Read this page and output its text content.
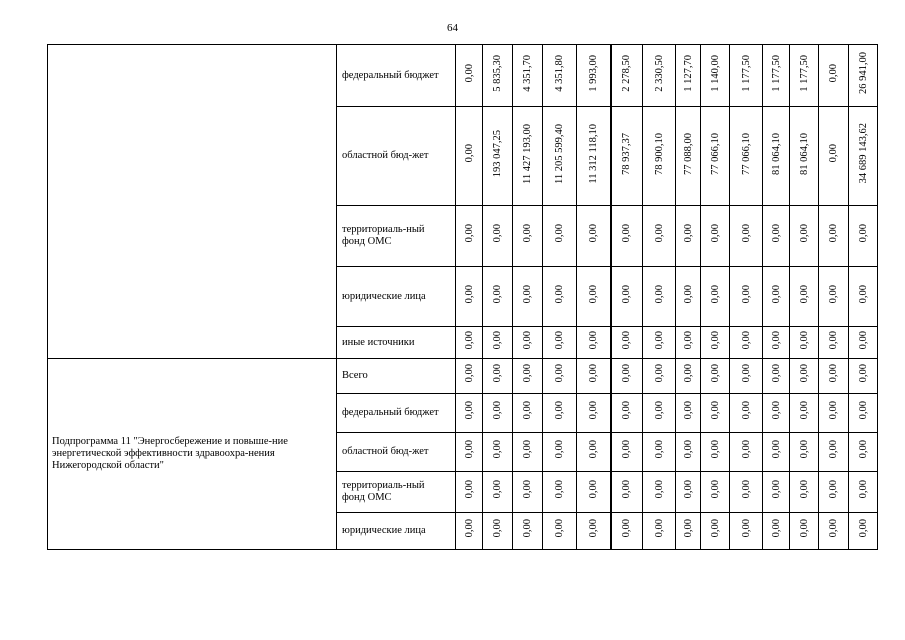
64
	федеральный бюджет	0,00	5 835,30	4 351,70	4 351,80	1 993,00	2 278,50	2 330,50	1 127,70	1 140,00	1 177,50	1 177,50	1 177,50	0,00	26 941,00
	областной бюд-жет	0,00	193 047,25	11 427 193,00	11 205 599,40	11 312 118,10	78 937,37	78 900,10	77 088,00	77 066,10	77 066,10	81 064,10	81 064,10	0,00	34 689 143,62
	территориаль-ный фонд ОМС	0,00	0,00	0,00	0,00	0,00	0,00	0,00	0,00	0,00	0,00	0,00	0,00	0,00	0,00
	юридические лица	0,00	0,00	0,00	0,00	0,00	0,00	0,00	0,00	0,00	0,00	0,00	0,00	0,00	0,00
	иные источники	0,00	0,00	0,00	0,00	0,00	0,00	0,00	0,00	0,00	0,00	0,00	0,00	0,00	0,00
Подпрограмма 11 "Энергосбережение и повыше-ние энергетической эффективности здравоохра-нения Нижегородской области"	Всего	0,00	0,00	0,00	0,00	0,00	0,00	0,00	0,00	0,00	0,00	0,00	0,00	0,00	0,00
	федеральный бюджет	0,00	0,00	0,00	0,00	0,00	0,00	0,00	0,00	0,00	0,00	0,00	0,00	0,00	0,00
	областной бюд-жет	0,00	0,00	0,00	0,00	0,00	0,00	0,00	0,00	0,00	0,00	0,00	0,00	0,00	0,00
	территориаль-ный фонд ОМС	0,00	0,00	0,00	0,00	0,00	0,00	0,00	0,00	0,00	0,00	0,00	0,00	0,00	0,00
	юридические лица	0,00	0,00	0,00	0,00	0,00	0,00	0,00	0,00	0,00	0,00	0,00	0,00	0,00	0,00
